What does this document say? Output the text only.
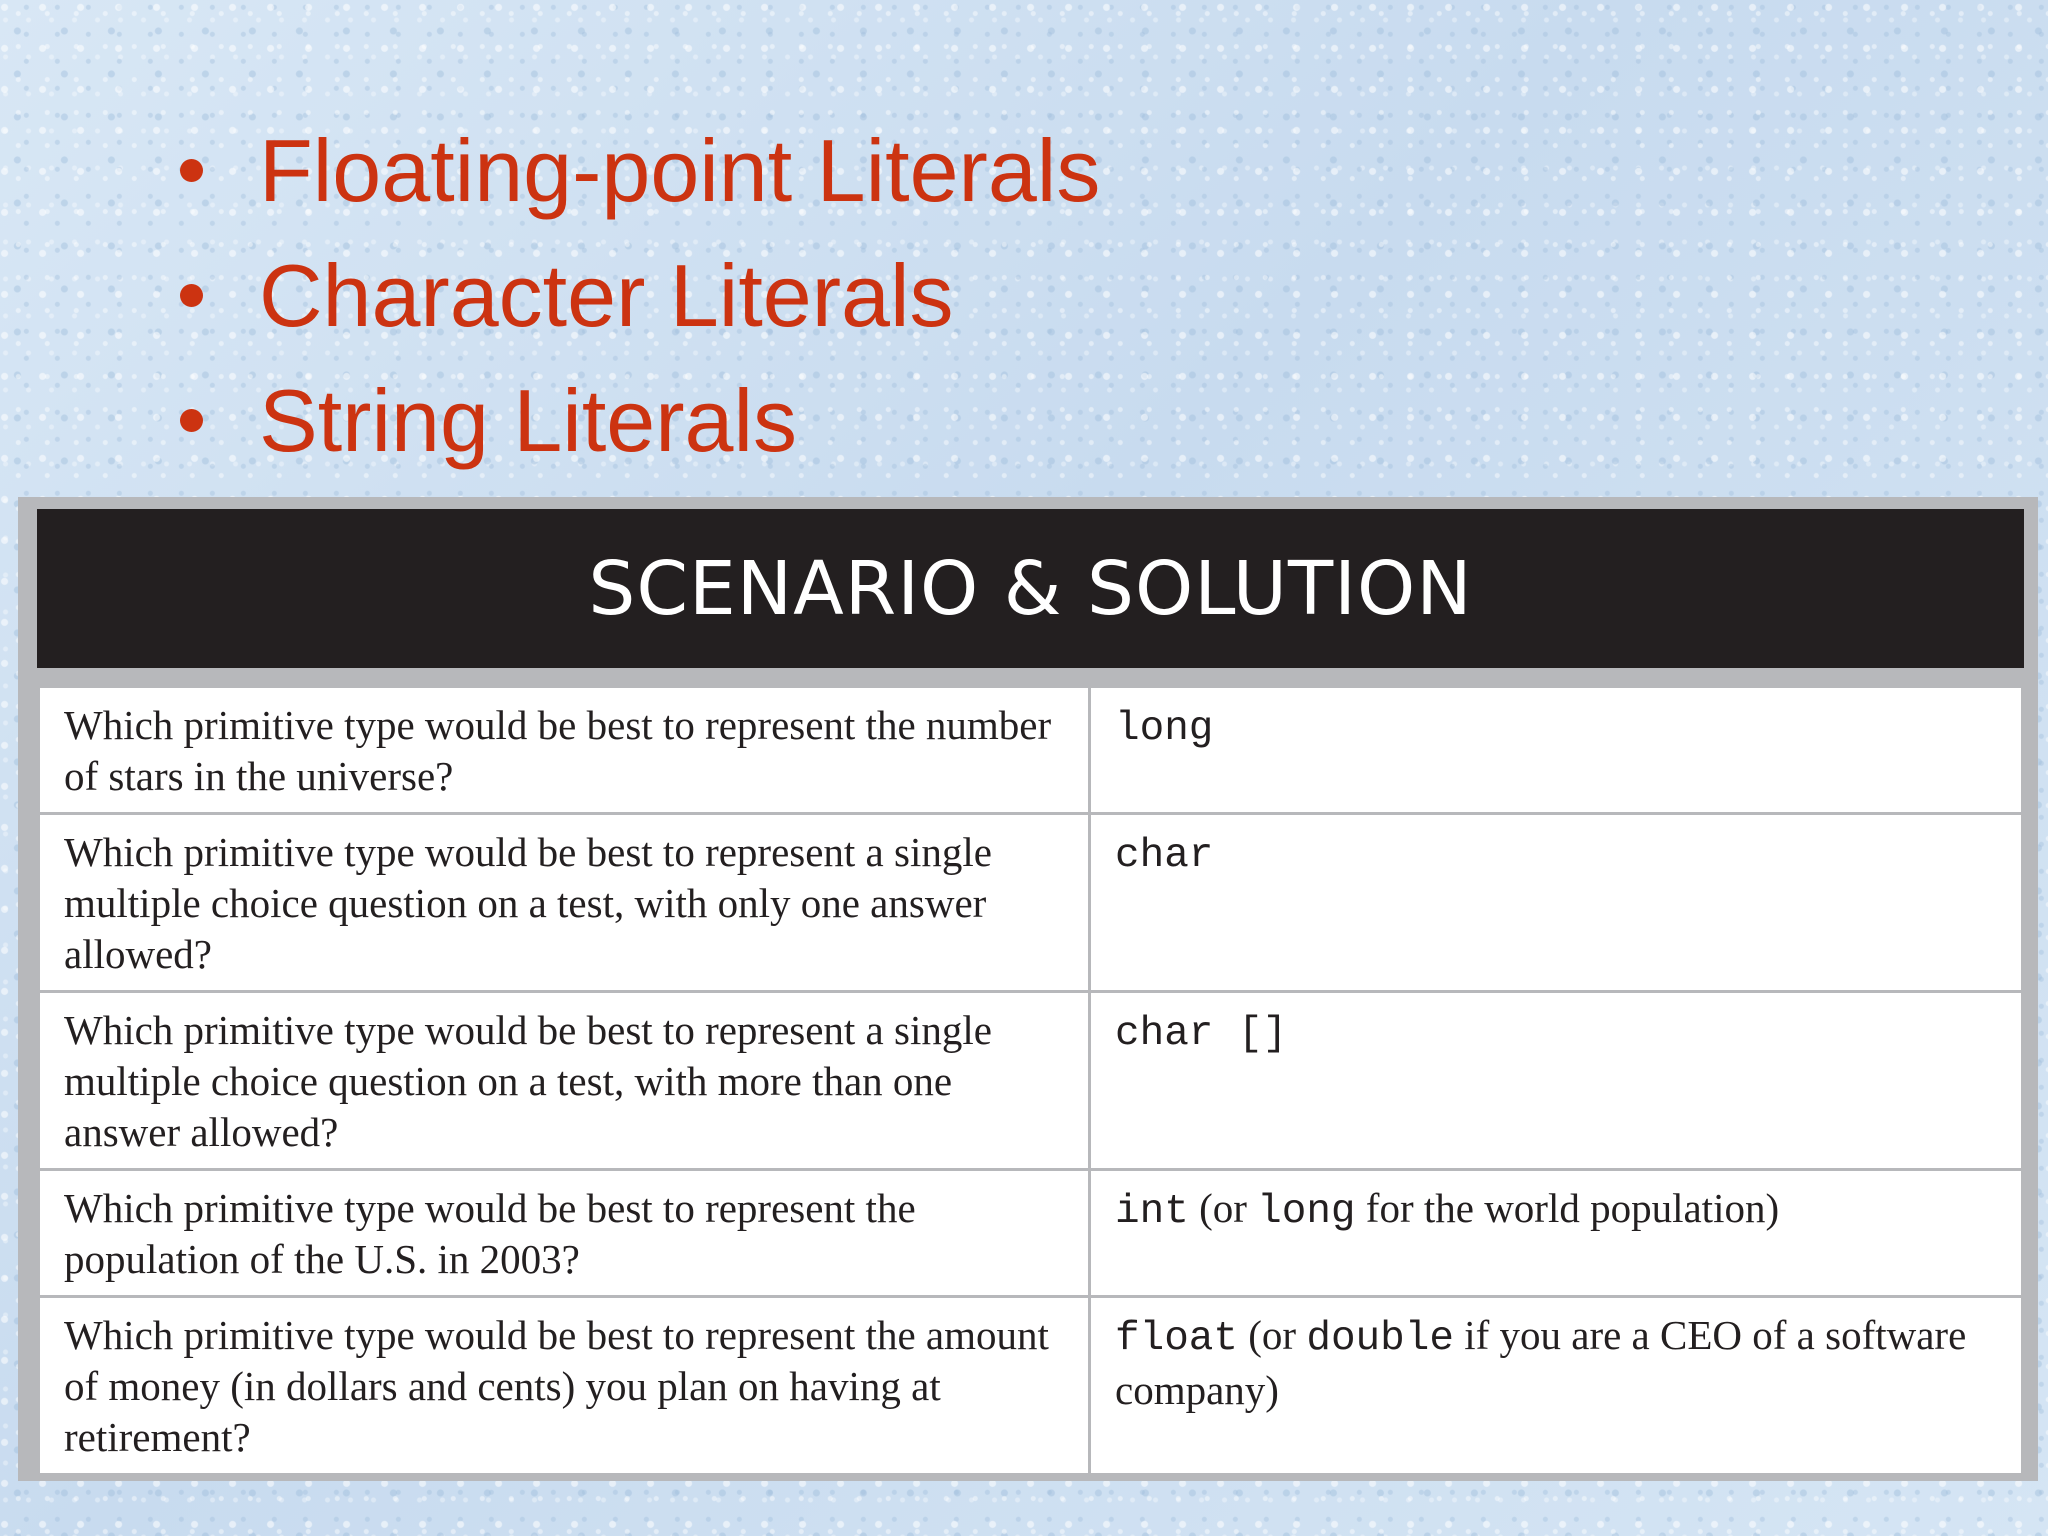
Floating-point Literals
Character Literals
String Literals
SCENARIO & SOLUTION
Which primitive type would be best to represent the number of stars in the universe?	long
Which primitive type would be best to represent a single multiple choice question on a test, with only one answer allowed?	char
Which primitive type would be best to represent a single multiple choice question on a test, with more than one answer allowed?	char []
Which primitive type would be best to represent the population of the U.S. in 2003?	int (or long for the world population)
Which primitive type would be best to represent the amount of money (in dollars and cents) you plan on having at retirement?	float (or double if you are a CEO of a software company)
